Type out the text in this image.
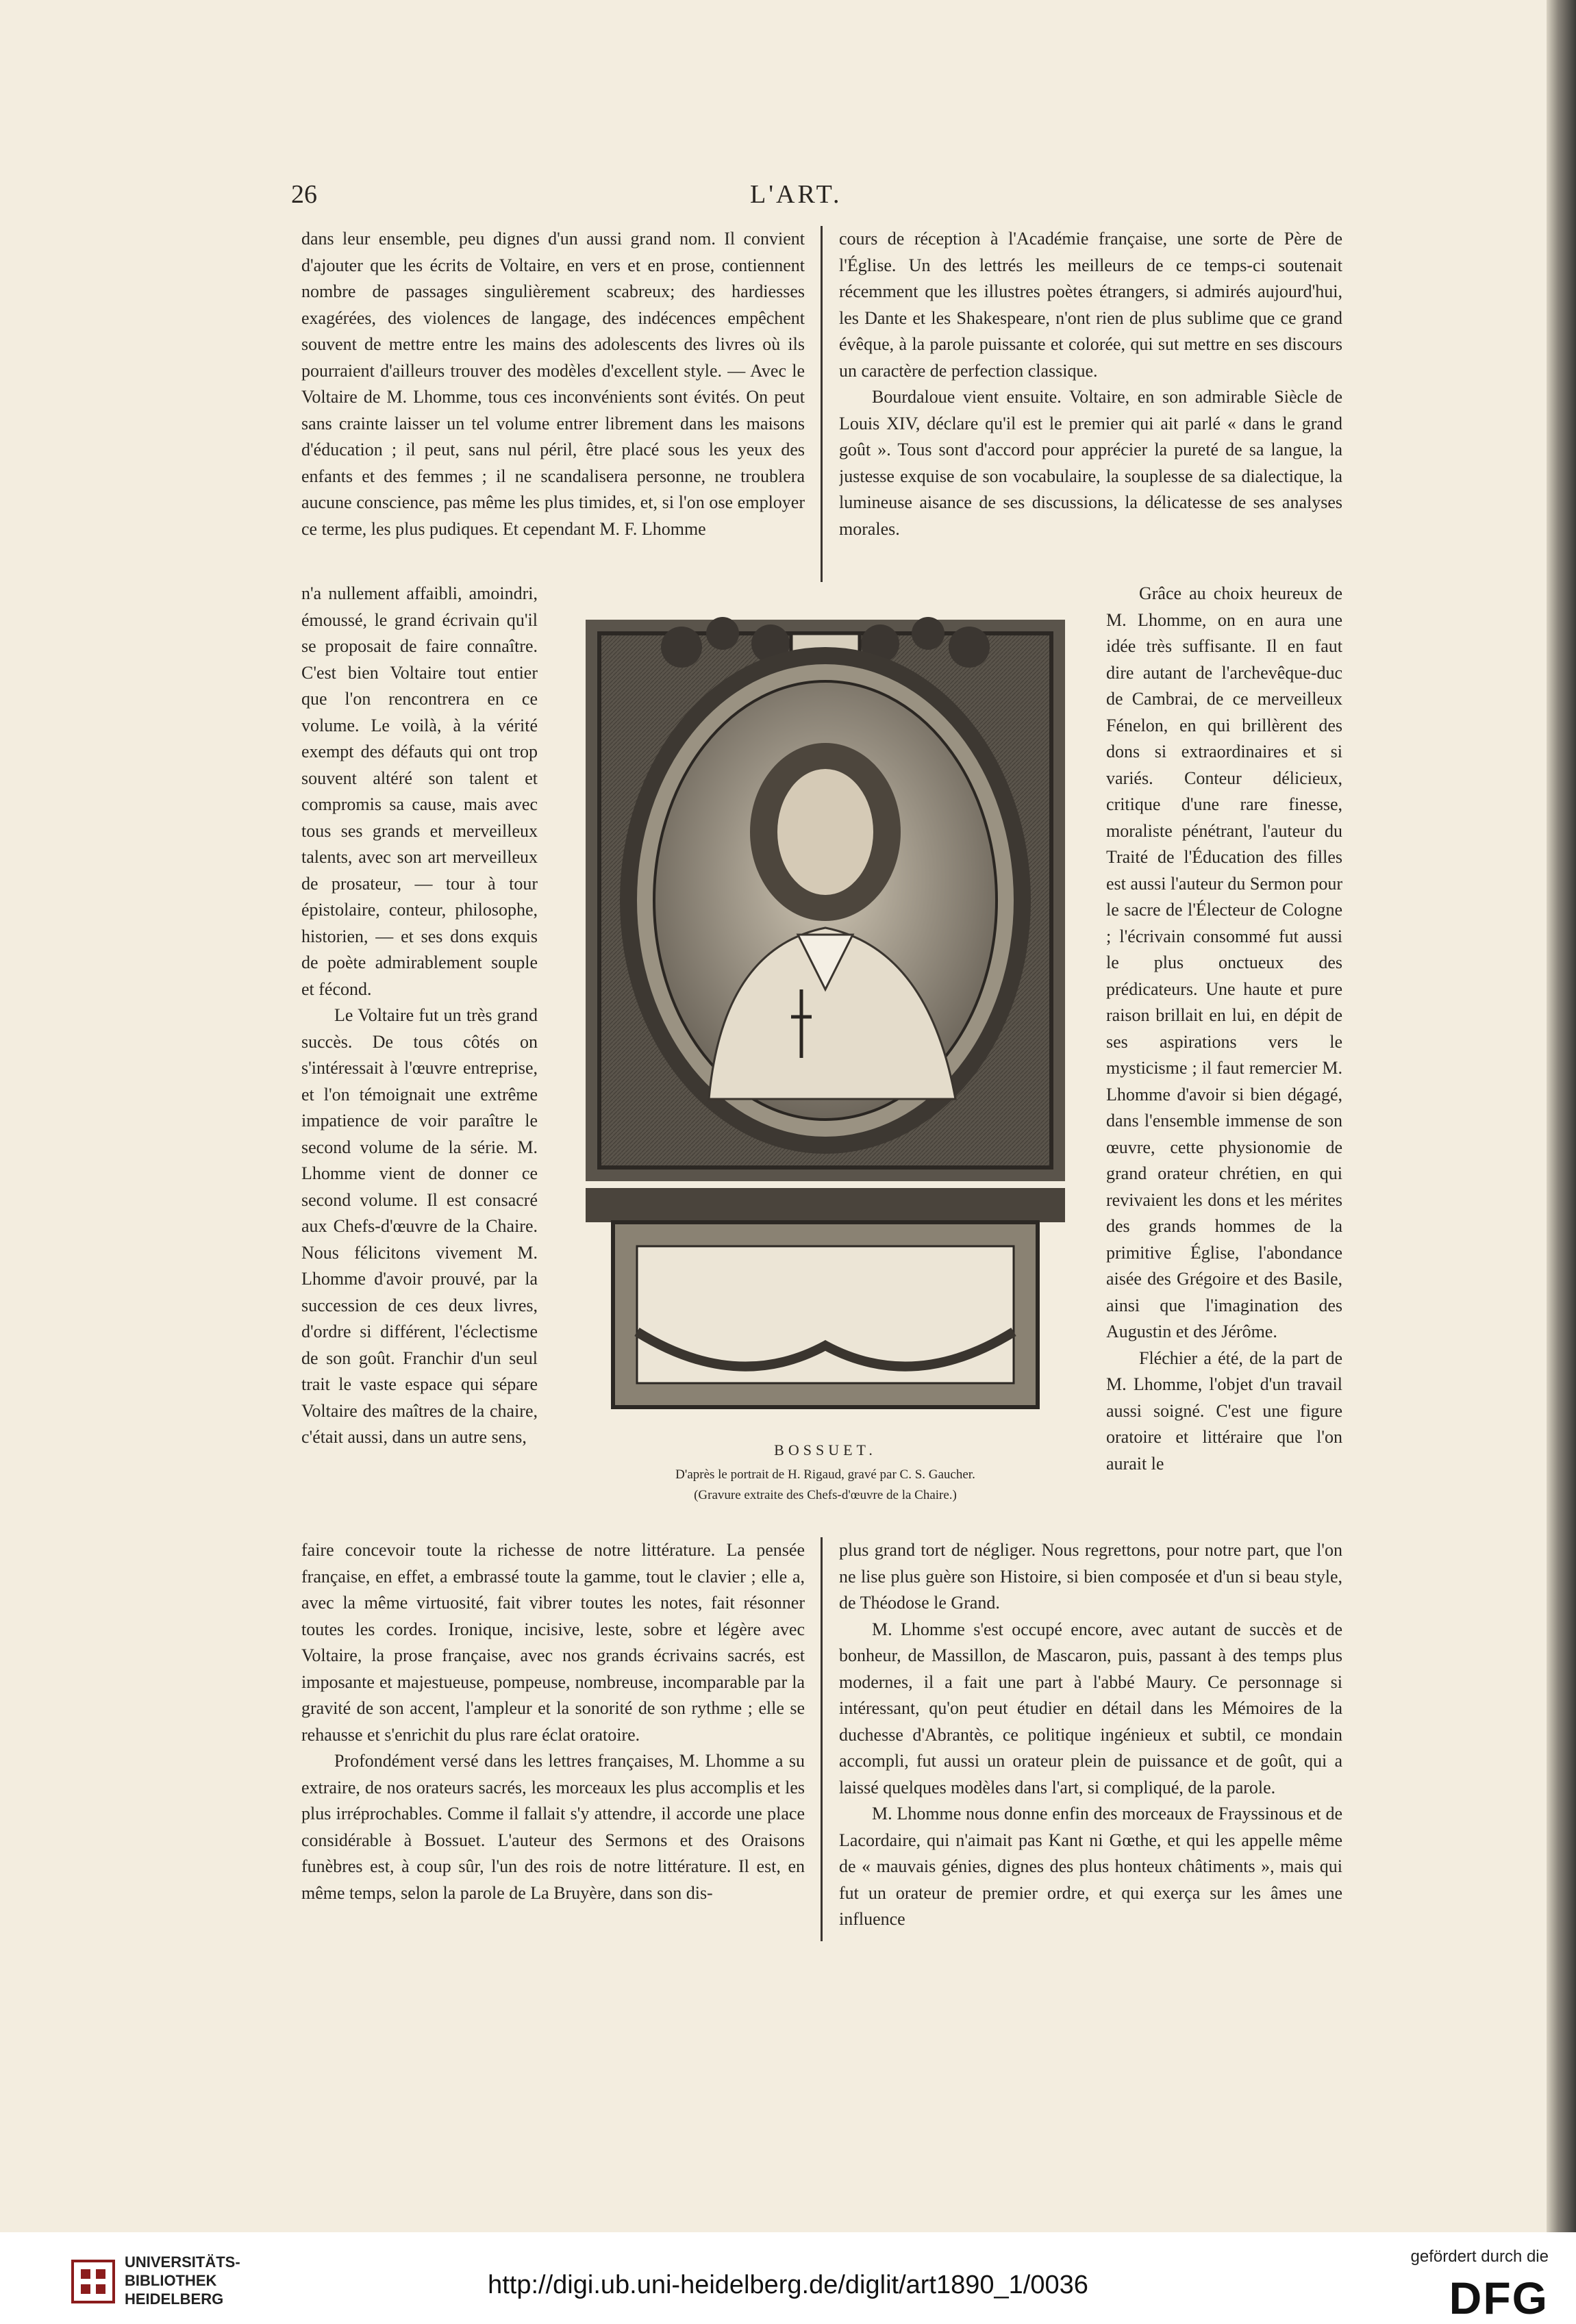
26	L'ART.

dans leur ensemble, peu dignes d'un aussi grand nom. Il convient d'ajouter que les écrits de Voltaire, en vers et en prose, contiennent nombre de passages singulièrement scabreux; des hardiesses exagérées, des violences de langage, des indécences empêchent souvent de mettre entre les mains des adolescents des livres où ils pourraient d'ailleurs trouver des modèles d'excellent style. — Avec le Voltaire de M. Lhomme, tous ces inconvénients sont évités. On peut sans crainte laisser un tel volume entrer librement dans les maisons d'éducation ; il peut, sans nul péril, être placé sous les yeux des enfants et des femmes ; il ne scandalisera personne, ne troublera aucune conscience, pas même les plus timides, et, si l'on ose employer ce terme, les plus pudiques. Et cependant M. F. Lhomme

n'a nullement affaibli, amoindri, émoussé, le grand écrivain qu'il se proposait de faire connaître. C'est bien Voltaire tout entier que l'on rencontrera en ce volume. Le voilà, à la vérité exempt des défauts qui ont trop souvent altéré son talent et compromis sa cause, mais avec tous ses grands et merveilleux talents, avec son art merveilleux de prosateur, — tour à tour épistolaire, conteur, philosophe, historien, — et ses dons exquis de poète admirablement souple et fécond.

Le Voltaire fut un très grand succès. De tous côtés on s'intéressait à l'œuvre entreprise, et l'on témoignait une extrême impatience de voir paraître le second volume de la série. M. Lhomme vient de donner ce second volume. Il est consacré aux Chefs-d'œuvre de la Chaire. Nous félicitons vivement M. Lhomme d'avoir prouvé, par la succession de ces deux livres, d'ordre si différent, l'éclectisme de son goût. Franchir d'un seul trait le vaste espace qui sépare Voltaire des maîtres de la chaire, c'était aussi, dans un autre sens,

faire concevoir toute la richesse de notre littérature. La pensée française, en effet, a embrassé toute la gamme, tout le clavier ; elle a, avec la même virtuosité, fait vibrer toutes les notes, fait résonner toutes les cordes. Ironique, incisive, leste, sobre et légère avec Voltaire, la prose française, avec nos grands écrivains sacrés, est imposante et majestueuse, pompeuse, nombreuse, incomparable par la gravité de son accent, l'ampleur et la sonorité de son rythme ; elle se rehausse et s'enrichit du plus rare éclat oratoire.

Profondément versé dans les lettres françaises, M. Lhomme a su extraire, de nos orateurs sacrés, les morceaux les plus accomplis et les plus irréprochables. Comme il fallait s'y attendre, il accorde une place considérable à Bossuet. L'auteur des Sermons et des Oraisons funèbres est, à coup sûr, l'un des rois de notre littérature. Il est, en même temps, selon la parole de La Bruyère, dans son dis-

cours de réception à l'Académie française, une sorte de Père de l'Église. Un des lettrés les meilleurs de ce temps-ci soutenait récemment que les illustres poètes étrangers, si admirés aujourd'hui, les Dante et les Shakespeare, n'ont rien de plus sublime que ce grand évêque, à la parole puissante et colorée, qui sut mettre en ses discours un caractère de perfection classique.

Bourdaloue vient ensuite. Voltaire, en son admirable Siècle de Louis XIV, déclare qu'il est le premier qui ait parlé « dans le grand goût ». Tous sont d'accord pour apprécier la pureté de sa langue, la justesse exquise de son vocabulaire, la souplesse de sa dialectique, la lumineuse aisance de ses discussions, la délicatesse de ses analyses morales.

Grâce au choix heureux de M. Lhomme, on en aura une idée très suffisante. Il en faut dire autant de l'archevêque-duc de Cambrai, de ce merveilleux Fénelon, en qui brillèrent des dons si extraordinaires et si variés. Conteur délicieux, critique d'une rare finesse, moraliste pénétrant, l'auteur du Traité de l'Éducation des filles est aussi l'auteur du Sermon pour le sacre de l'Électeur de Cologne ; l'écrivain consommé fut aussi le plus onctueux des prédicateurs. Une haute et pure raison brillait en lui, en dépit de ses aspirations vers le mysticisme ; il faut remercier M. Lhomme d'avoir si bien dégagé, dans l'ensemble immense de son œuvre, cette physionomie de grand orateur chrétien, en qui revivaient les dons et les mérites des grands hommes de la primitive Église, l'abondance aisée des Grégoire et des Basile, ainsi que l'imagination des Augustin et des Jérôme.

Fléchier a été, de la part de M. Lhomme, l'objet d'un travail aussi soigné. C'est une figure oratoire et littéraire que l'on aurait le

plus grand tort de négliger. Nous regrettons, pour notre part, que l'on ne lise plus guère son Histoire, si bien composée et d'un si beau style, de Théodose le Grand.

M. Lhomme s'est occupé encore, avec autant de succès et de bonheur, de Massillon, de Mascaron, puis, passant à des temps plus modernes, il a fait une part à l'abbé Maury. Ce personnage si intéressant, qu'on peut étudier en détail dans les Mémoires de la duchesse d'Abrantès, ce politique ingénieux et subtil, ce mondain accompli, fut aussi un orateur plein de puissance et de goût, qui a laissé quelques modèles dans l'art, si compliqué, de la parole.

M. Lhomme nous donne enfin des morceaux de Frayssinous et de Lacordaire, qui n'aimait pas Kant ni Gœthe, et qui les appelle même de « mauvais génies, dignes des plus honteux châtiments », mais qui fut un orateur de premier ordre, et qui exerça sur les âmes une influence

BOSSUET.
D'après le portrait de H. Rigaud, gravé par C. S. Gaucher.
(Gravure extraite des Chefs-d'œuvre de la Chaire.)
UNIVERSITÄTS-
BIBLIOTHEK
HEIDELBERG	http://digi.ub.uni-heidelberg.de/diglit/art1890_1/0036
gefördert durch die
DFG
